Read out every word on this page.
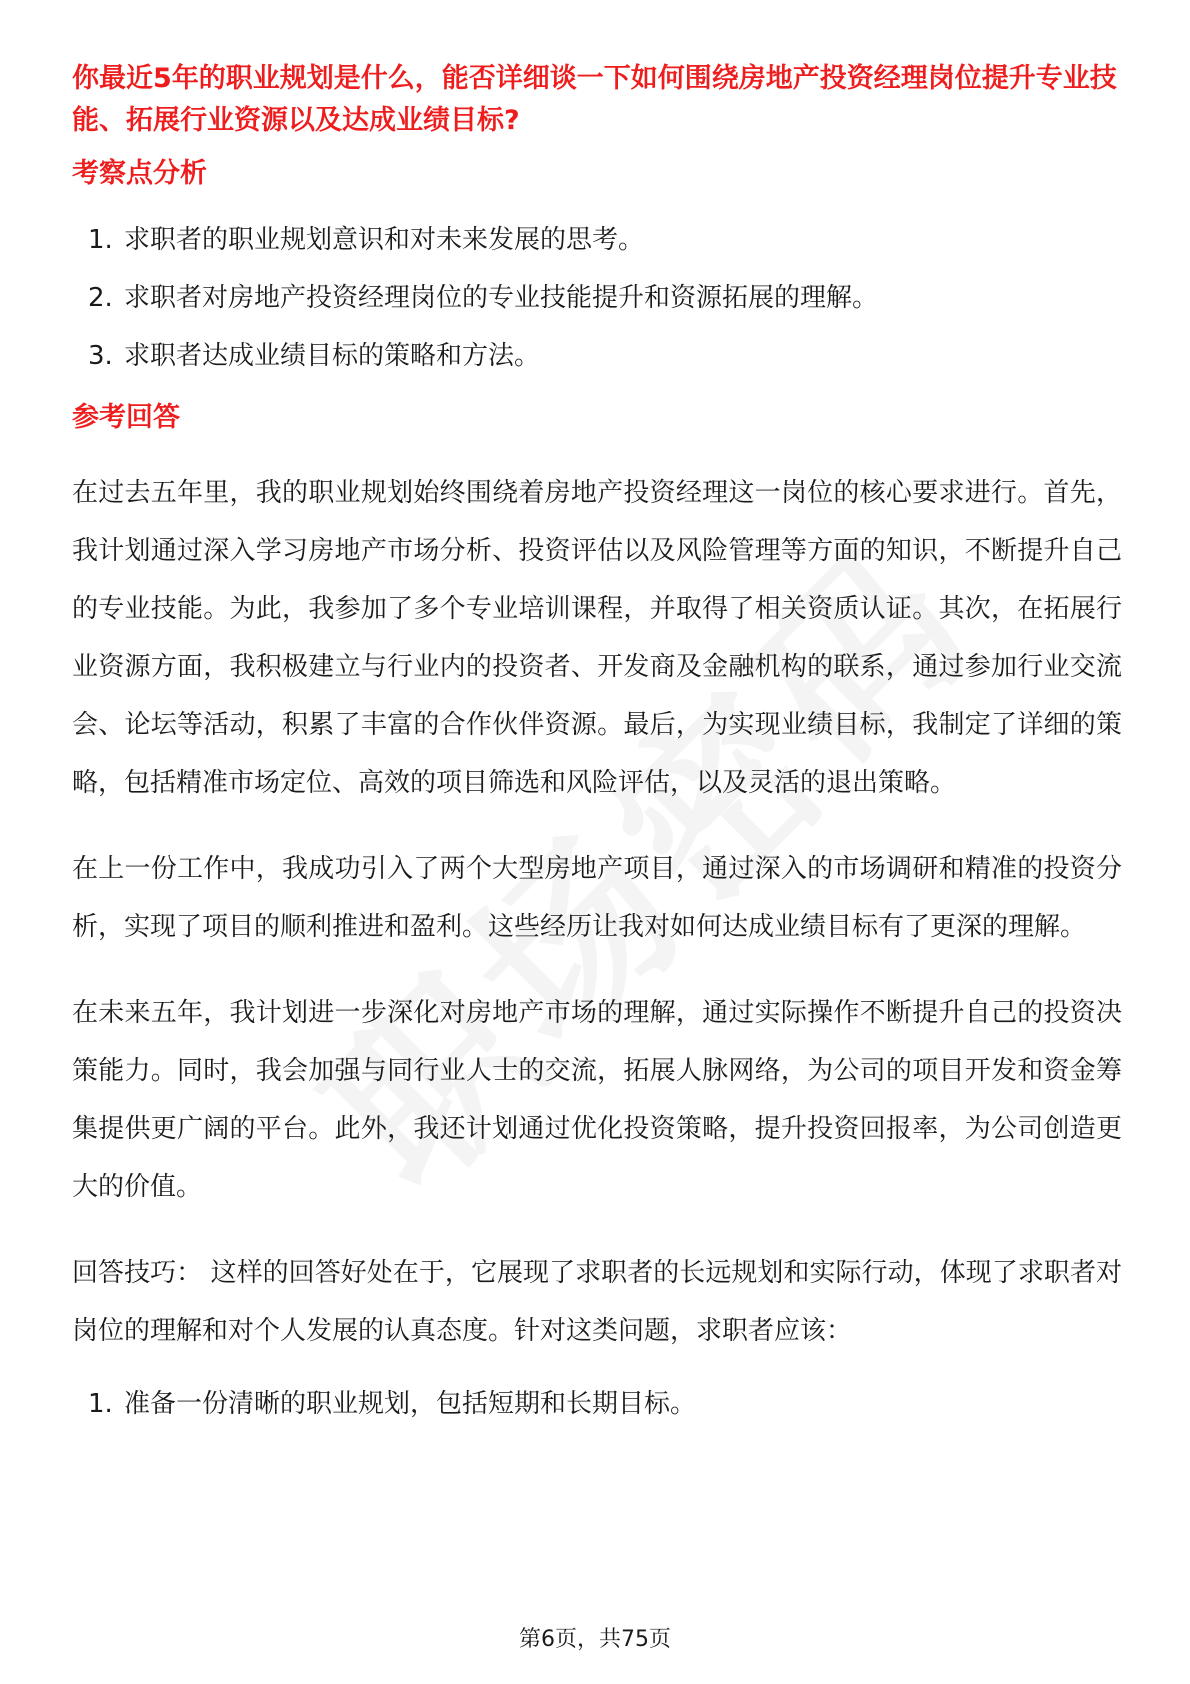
你最近5年的职业规划是什么，能否详细谈一下如何围绕房地产投资经理岗位提升专业技能、拓展行业资源以及达成业绩目标?

考察点分析
1. 求职者的职业规划意识和对未来发展的思考。
2. 求职者对房地产投资经理岗位的专业技能提升和资源拓展的理解。
3. 求职者达成业绩目标的策略和方法。
参考回答

在过去五年里，我的职业规划始终围绕着房地产投资经理这一岗位的核心要求进行。首先，我计划通过深入学习房地产市场分析、投资评估以及风险管理等方面的知识，不断提升自己的专业技能。为此，我参加了多个专业培训课程，并取得了相关资质认证。其次，在拓展行业资源方面，我积极建立与行业内的投资者、开发商及金融机构的联系，通过参加行业交流会、论坛等活动，积累了丰富的合作伙伴资源。最后，为实现业绩目标，我制定了详细的策略，包括精准市场定位、高效的项目筛选和风险评估，以及灵活的退出策略。

在上一份工作中，我成功引入了两个大型房地产项目，通过深入的市场调研和精准的投资分析，实现了项目的顺利推进和盈利。这些经历让我对如何达成业绩目标有了更深的理解。

在未来五年，我计划进一步深化对房地产市场的理解，通过实际操作不断提升自己的投资决策能力。同时，我会加强与同行业人士的交流，拓展人脉网络，为公司的项目开发和资金筹集提供更广阔的平台。此外，我还计划通过优化投资策略，提升投资回报率，为公司创造更大的价值。

回答技巧： 这样的回答好处在于，它展现了求职者的长远规划和实际行动，体现了求职者对岗位的理解和对个人发展的认真态度。针对这类问题，求职者应该：

1. 准备一份清晰的职业规划，包括短期和长期目标。
第6页，共75页
